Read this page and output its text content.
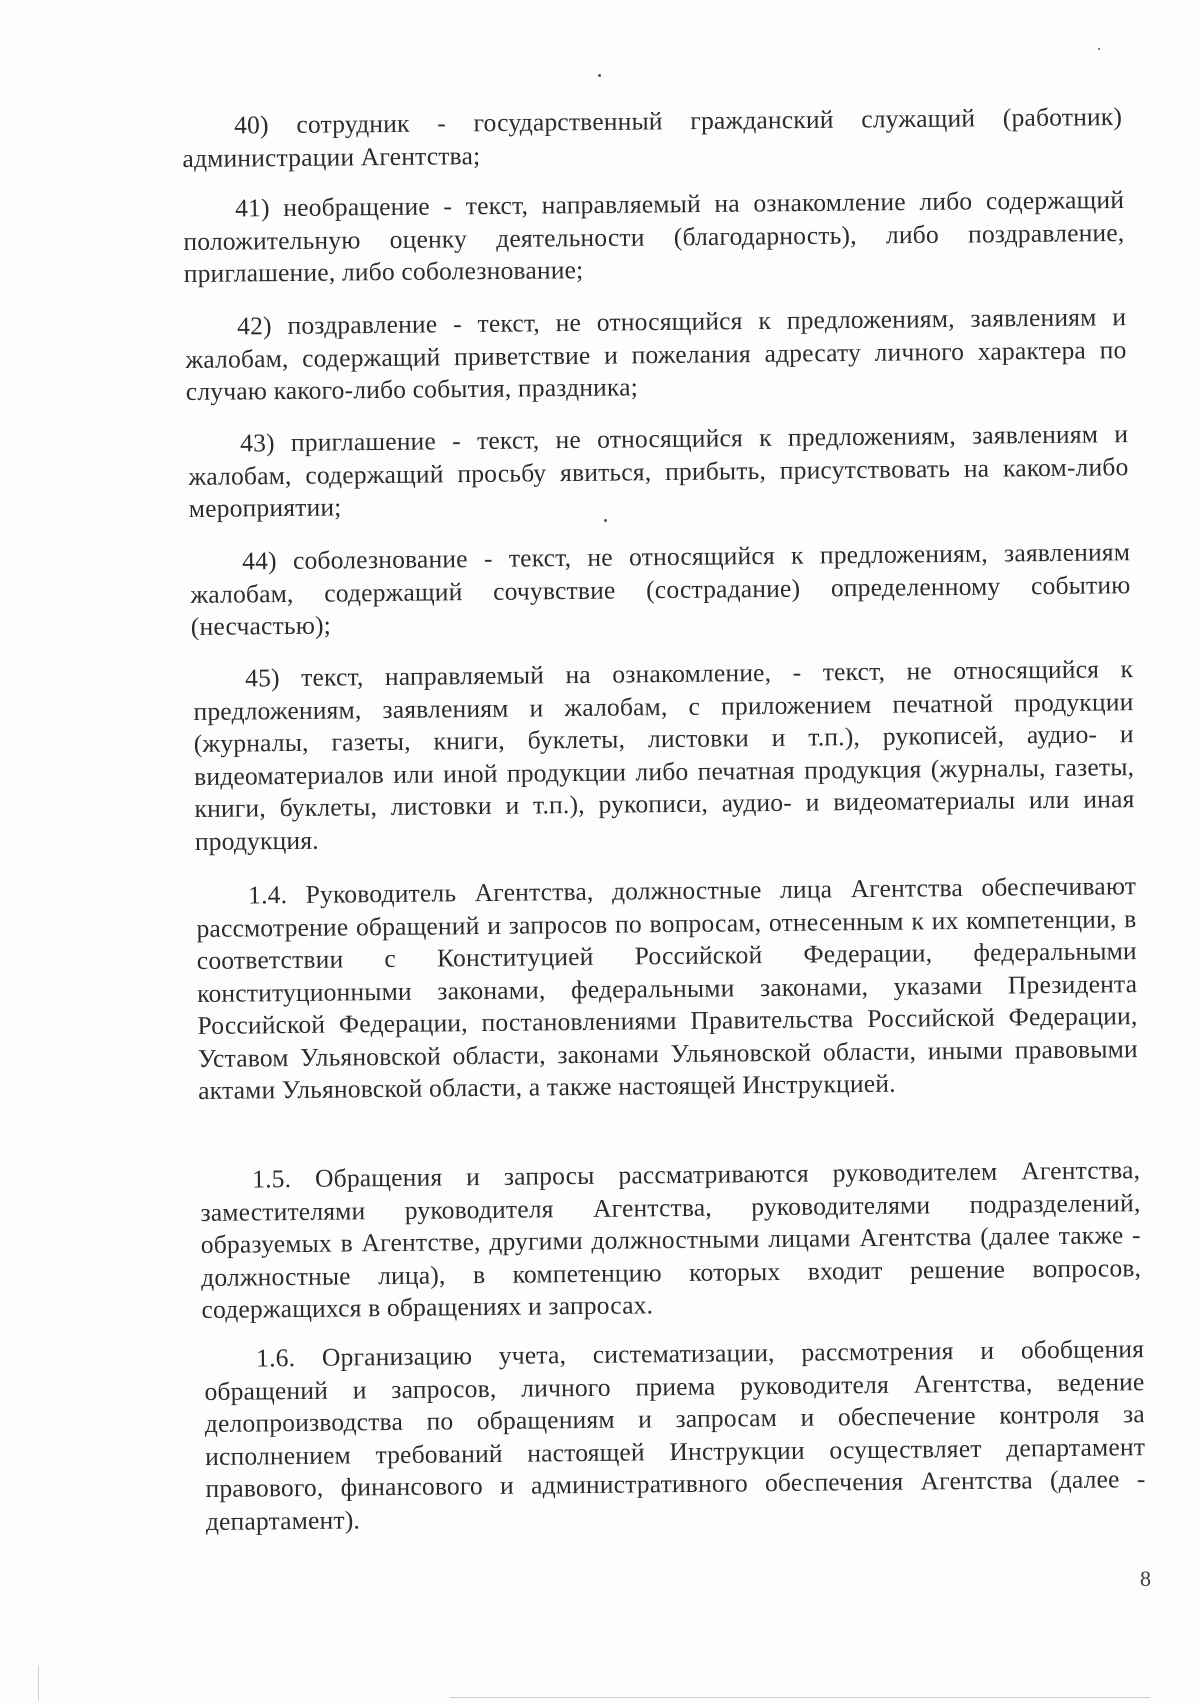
40) сотрудник - государственный гражданский служащий (работник) администрации Агентства;

41) необращение - текст, направляемый на ознакомление либо содержащий положительную оценку деятельности (благодарность), либо поздравление, приглашение, либо соболезнование;

42) поздравление - текст, не относящийся к предложениям, заявлениям и жалобам, содержащий приветствие и пожелания адресату личного характера по случаю какого-либо события, праздника;

43) приглашение - текст, не относящийся к предложениям, заявлениям и жалобам, содержащий просьбу явиться, прибыть, присутствовать на каком-либо мероприятии;

44) соболезнование - текст, не относящийся к предложениям, заявлениям жалобам, содержащий сочувствие (сострадание) определенному событию (несчастью);

45) текст, направляемый на ознакомление, - текст, не относящийся к предложениям, заявлениям и жалобам, с приложением печатной продукции (журналы, газеты, книги, буклеты, листовки и т.п.), рукописей, аудио- и видеоматериалов или иной продукции либо печатная продукция (журналы, газеты, книги, буклеты, листовки и т.п.), рукописи, аудио- и видеоматериалы или иная продукция.

1.4. Руководитель Агентства, должностные лица Агентства обеспечивают рассмотрение обращений и запросов по вопросам, отнесенным к их компетенции, в соответствии с Конституцией Российской Федерации, федеральными конституционными законами, федеральными законами, указами Президента Российской Федерации, постановлениями Правительства Российской Федерации, Уставом Ульяновской области, законами Ульяновской области, иными правовыми актами Ульяновской области, а также настоящей Инструкцией.

1.5. Обращения и запросы рассматриваются руководителем Агентства, заместителями руководителя Агентства, руководителями подразделений, образуемых в Агентстве, другими должностными лицами Агентства (далее также - должностные лица), в компетенцию которых входит решение вопросов, содержащихся в обращениях и запросах.

1.6. Организацию учета, систематизации, рассмотрения и обобщения обращений и запросов, личного приема руководителя Агентства, ведение делопроизводства по обращениям и запросам и обеспечение контроля за исполнением требований настоящей Инструкции осуществляет департамент правового, финансового и административного обеспечения Агентства (далее - департамент).

8
